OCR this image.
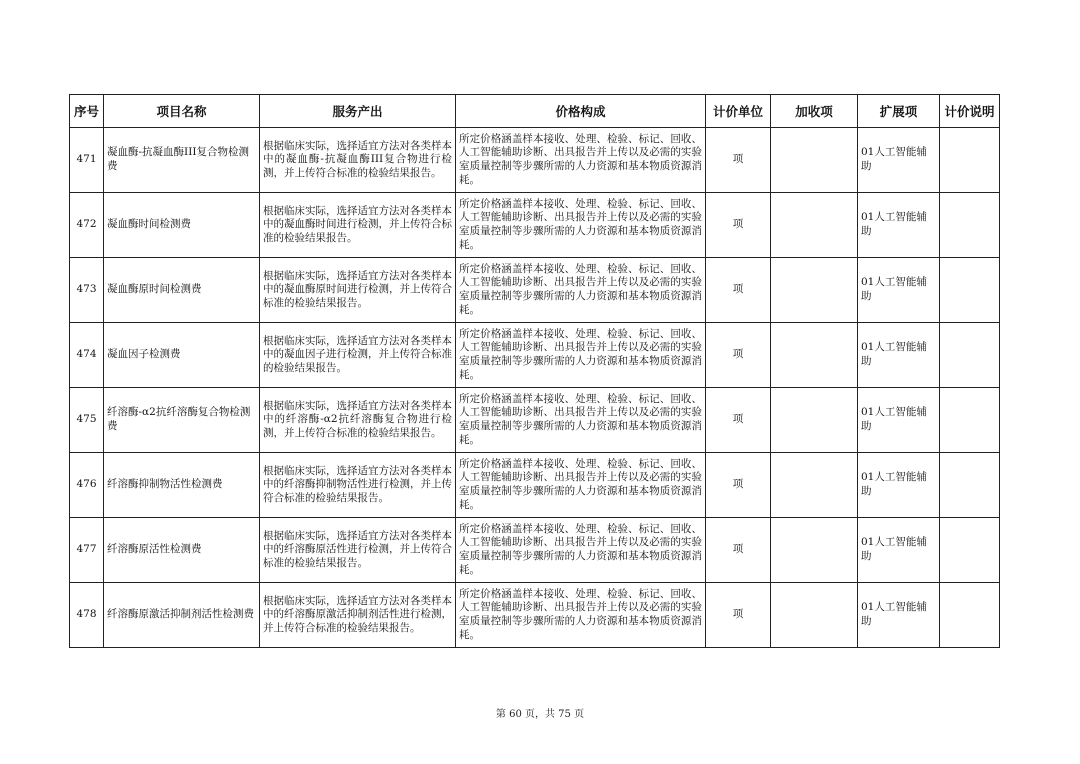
序号	项目名称	服务产出	价格构成	计价单位	加收项	扩展项	计价说明
471	凝血酶-抗凝血酶III复合物检测费	根据临床实际，选择适宜方法对各类样本中的凝血酶-抗凝血酶III复合物进行检测，并上传符合标准的检验结果报告。	所定价格涵盖样本接收、处理、检验、标记、回收、人工智能辅助诊断、出具报告并上传以及必需的实验室质量控制等步骤所需的人力资源和基本物质资源消耗。	项		01人工智能辅助	
472	凝血酶时间检测费	根据临床实际，选择适宜方法对各类样本中的凝血酶时间进行检测，并上传符合标准的检验结果报告。	所定价格涵盖样本接收、处理、检验、标记、回收、人工智能辅助诊断、出具报告并上传以及必需的实验室质量控制等步骤所需的人力资源和基本物质资源消耗。	项		01人工智能辅助	
473	凝血酶原时间检测费	根据临床实际，选择适宜方法对各类样本中的凝血酶原时间进行检测，并上传符合标准的检验结果报告。	所定价格涵盖样本接收、处理、检验、标记、回收、人工智能辅助诊断、出具报告并上传以及必需的实验室质量控制等步骤所需的人力资源和基本物质资源消耗。	项		01人工智能辅助	
474	凝血因子检测费	根据临床实际，选择适宜方法对各类样本中的凝血因子进行检测，并上传符合标准的检验结果报告。	所定价格涵盖样本接收、处理、检验、标记、回收、人工智能辅助诊断、出具报告并上传以及必需的实验室质量控制等步骤所需的人力资源和基本物质资源消耗。	项		01人工智能辅助	
475	纤溶酶-α2抗纤溶酶复合物检测费	根据临床实际，选择适宜方法对各类样本中的纤溶酶-α2抗纤溶酶复合物进行检测，并上传符合标准的检验结果报告。	所定价格涵盖样本接收、处理、检验、标记、回收、人工智能辅助诊断、出具报告并上传以及必需的实验室质量控制等步骤所需的人力资源和基本物质资源消耗。	项		01人工智能辅助	
476	纤溶酶抑制物活性检测费	根据临床实际，选择适宜方法对各类样本中的纤溶酶抑制物活性进行检测，并上传符合标准的检验结果报告。	所定价格涵盖样本接收、处理、检验、标记、回收、人工智能辅助诊断、出具报告并上传以及必需的实验室质量控制等步骤所需的人力资源和基本物质资源消耗。	项		01人工智能辅助	
477	纤溶酶原活性检测费	根据临床实际，选择适宜方法对各类样本中的纤溶酶原活性进行检测，并上传符合标准的检验结果报告。	所定价格涵盖样本接收、处理、检验、标记、回收、人工智能辅助诊断、出具报告并上传以及必需的实验室质量控制等步骤所需的人力资源和基本物质资源消耗。	项		01人工智能辅助	
478	纤溶酶原激活抑制剂活性检测费	根据临床实际，选择适宜方法对各类样本中的纤溶酶原激活抑制剂活性进行检测，并上传符合标准的检验结果报告。	所定价格涵盖样本接收、处理、检验、标记、回收、人工智能辅助诊断、出具报告并上传以及必需的实验室质量控制等步骤所需的人力资源和基本物质资源消耗。	项		01人工智能辅助	
第 60 页，共 75 页
